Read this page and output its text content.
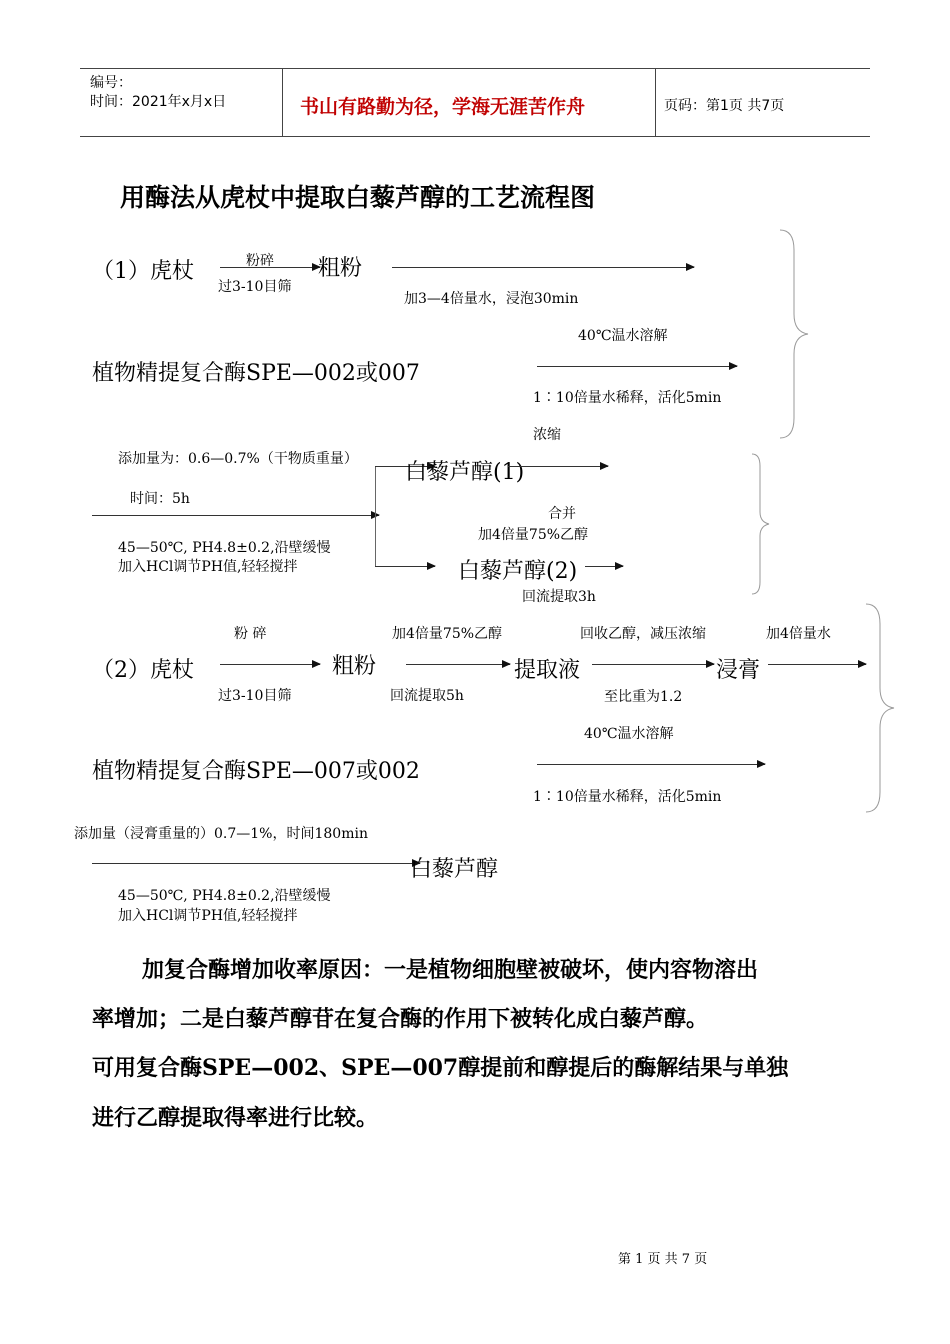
编号：
时间：2021年x月x日	书山有路勤为径，学海无涯苦作舟	页码：第1页 共7页
用酶法从虎杖中提取白藜芦醇的工艺流程图
（1）虎杖	粉碎
过3-10目筛
粗粉
加3—4倍量水，浸泡30min
40℃温水溶解
植物精提复合酶SPE—002或007
1∶10倍量水稀释，活化5min
浓缩
添加量为：0.6—0.7%（干物质重量）
时间：5h
白藜芦醇(1)
合并
45—50℃, PH4.8±0.2,沿壁缓慢
加入HCl调节PH值,轻轻搅拌
加4倍量75%乙醇
白藜芦醇(2)
回流提取3h
粉 碎	加4倍量75%乙醇	回收乙醇，减压浓缩	加4倍量水
（2）虎杖	粗粉	提取液	浸膏
过3-10目筛	回流提取5h	至比重为1.2
40℃温水溶解
植物精提复合酶SPE—007或002
1∶10倍量水稀释，活化5min
添加量（浸膏重量的）0.7—1%，时间180min
白藜芦醇
45—50℃, PH4.8±0.2,沿壁缓慢
加入HCl调节PH值,轻轻搅拌
加复合酶增加收率原因：一是植物细胞壁被破坏，使内容物溶出
率增加；二是白藜芦醇苷在复合酶的作用下被转化成白藜芦醇。
可用复合酶SPE—002、SPE—007醇提前和醇提后的酶解结果与单独
进行乙醇提取得率进行比较。
第 1 页 共 7 页
